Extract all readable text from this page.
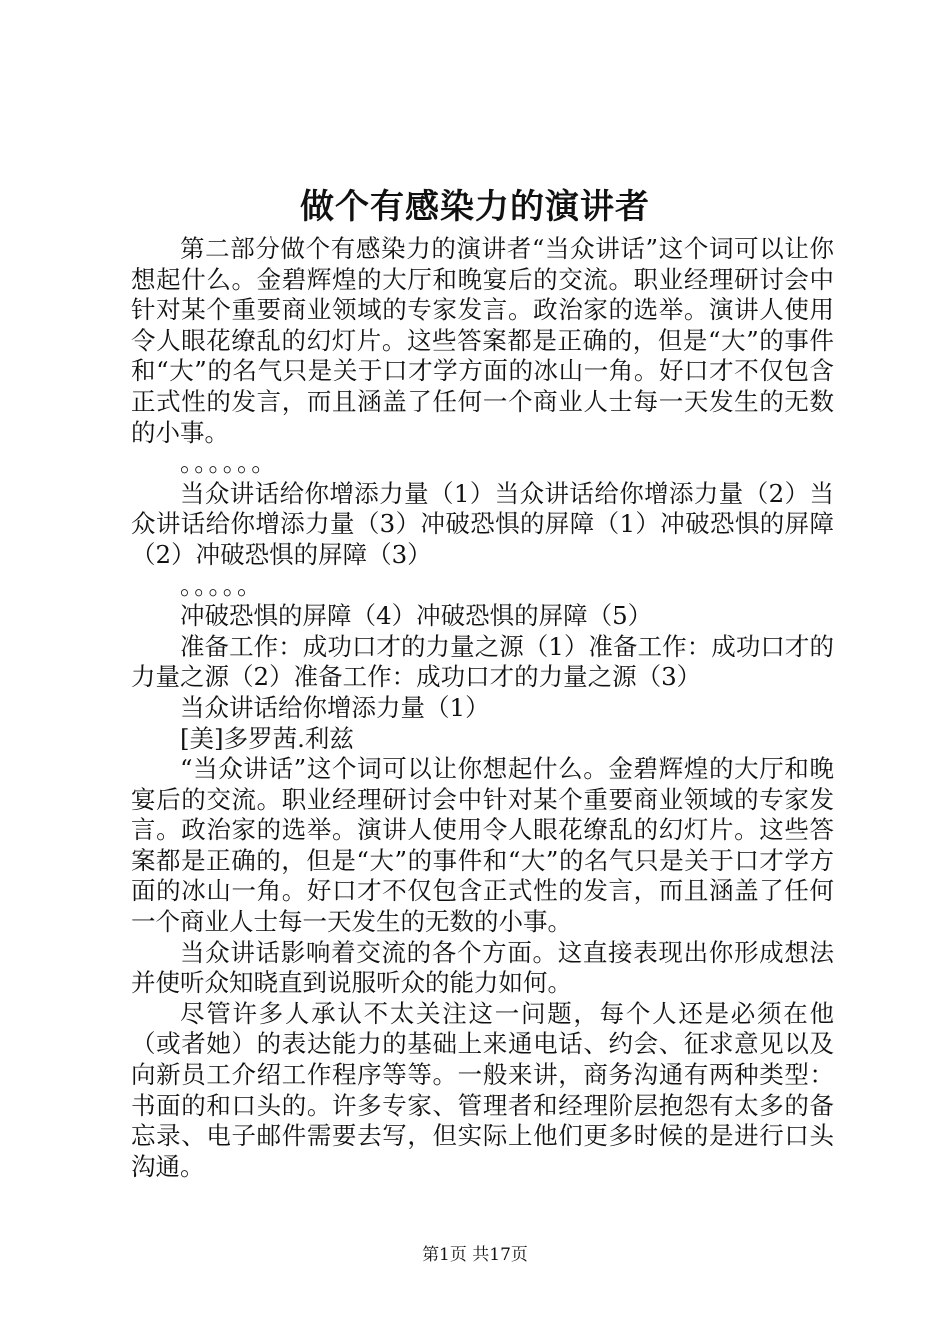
做个有感染力的演讲者

第二部分做个有感染力的演讲者“当众讲话”这个词可以让你想起什么。金碧辉煌的大厅和晚宴后的交流。职业经理研讨会中针对某个重要商业领域的专家发言。政治家的选举。演讲人使用令人眼花缭乱的幻灯片。这些答案都是正确的，但是“大”的事件和“大”的名气只是关于口才学方面的冰山一角。好口才不仅包含正式性的发言，而且涵盖了任何一个商业人士每一天发生的无数的小事。

。。。。。。

当众讲话给你增添力量（1）当众讲话给你增添力量（2）当众讲话给你增添力量（3）冲破恐惧的屏障（1）冲破恐惧的屏障（2）冲破恐惧的屏障（3）

。。。。。

冲破恐惧的屏障（4）冲破恐惧的屏障（5）

准备工作：成功口才的力量之源（1）准备工作：成功口才的力量之源（2）准备工作：成功口才的力量之源（3）

当众讲话给你增添力量（1）

[美]多罗茜.利兹

“当众讲话”这个词可以让你想起什么。金碧辉煌的大厅和晚宴后的交流。职业经理研讨会中针对某个重要商业领域的专家发言。政治家的选举。演讲人使用令人眼花缭乱的幻灯片。这些答案都是正确的，但是“大”的事件和“大”的名气只是关于口才学方面的冰山一角。好口才不仅包含正式性的发言，而且涵盖了任何一个商业人士每一天发生的无数的小事。

当众讲话影响着交流的各个方面。这直接表现出你形成想法并使听众知晓直到说服听众的能力如何。

尽管许多人承认不太关注这一问题，每个人还是必须在他（或者她）的表达能力的基础上来通电话、约会、征求意见以及向新员工介绍工作程序等等。一般来讲，商务沟通有两种类型：书面的和口头的。许多专家、管理者和经理阶层抱怨有太多的备忘录、电子邮件需要去写，但实际上他们更多时候的是进行口头沟通。

第1页 共17页
